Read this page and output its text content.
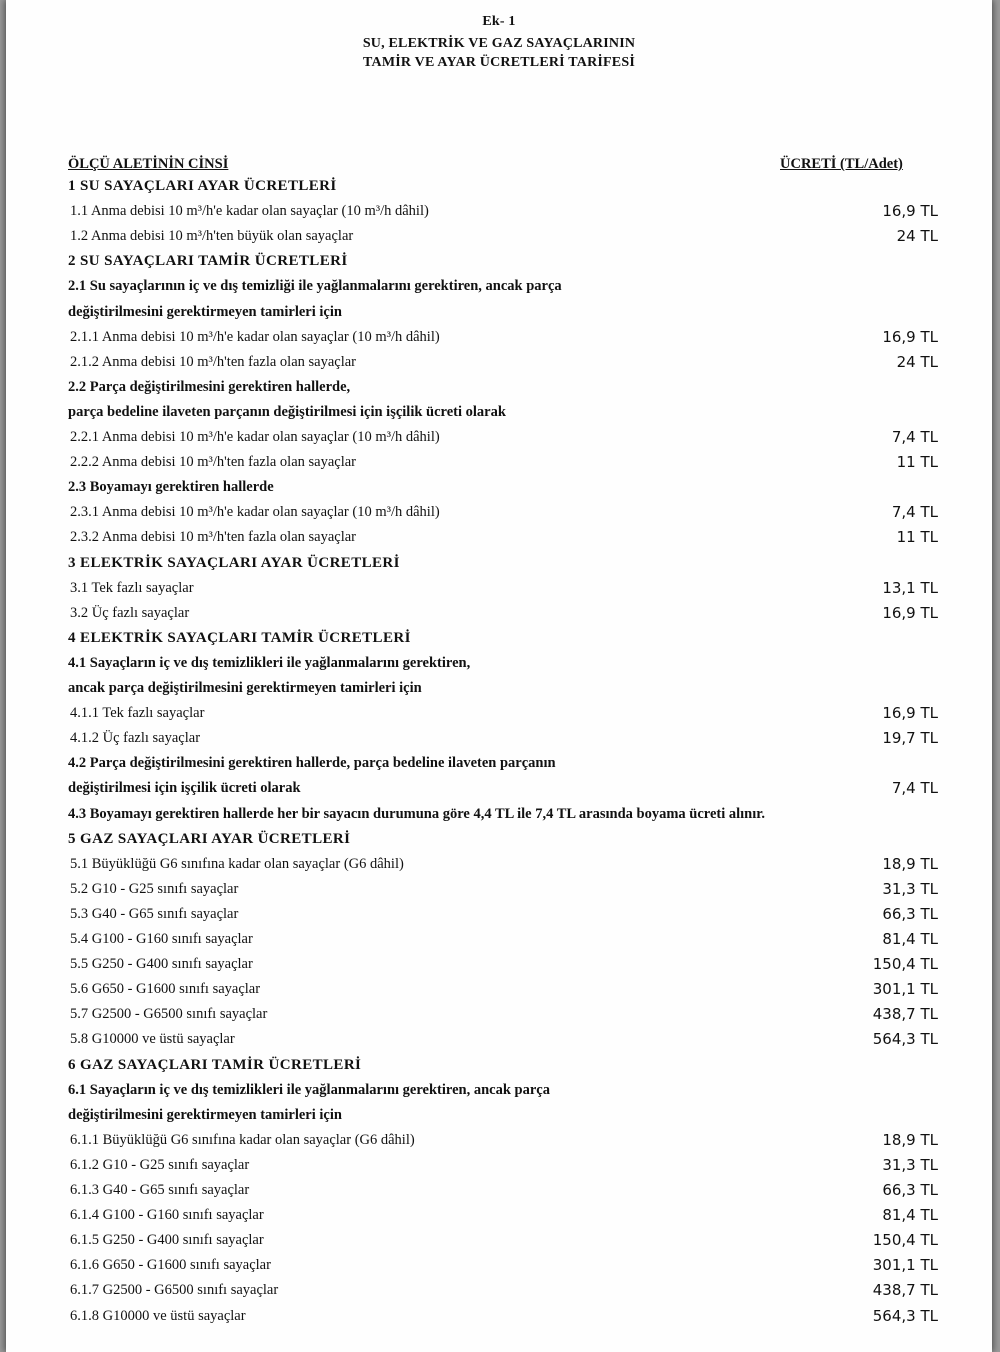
Ek- 1
SU, ELEKTRİK VE GAZ SAYAÇLARININ
TAMİR VE AYAR ÜCRETLERİ TARİFESİ
ÖLÇÜ ALETİNİN CİNSİ	ÜCRETİ (TL/Adet)
1 SU SAYAÇLARI AYAR ÜCRETLERİ
1.1 Anma debisi 10 m³/h'e kadar olan sayaçlar (10 m³/h dâhil)	16,9 TL
1.2 Anma debisi 10 m³/h'ten büyük olan sayaçlar	24 TL
2 SU SAYAÇLARI TAMİR ÜCRETLERİ
2.1 Su sayaçlarının iç ve dış temizliği ile yağlanmalarını gerektiren, ancak parça
değiştirilmesini gerektirmeyen tamirleri için
2.1.1 Anma debisi 10 m³/h'e kadar olan sayaçlar (10 m³/h dâhil)	16,9 TL
2.1.2 Anma debisi 10 m³/h'ten fazla olan sayaçlar	24 TL
2.2 Parça değiştirilmesini gerektiren hallerde,
parça bedeline ilaveten parçanın değiştirilmesi için işçilik ücreti olarak
2.2.1 Anma debisi 10 m³/h'e kadar olan sayaçlar (10 m³/h dâhil)	7,4 TL
2.2.2 Anma debisi 10 m³/h'ten fazla olan sayaçlar	11 TL
2.3 Boyamayı gerektiren hallerde
2.3.1 Anma debisi 10 m³/h'e kadar olan sayaçlar (10 m³/h dâhil)	7,4 TL
2.3.2 Anma debisi 10 m³/h'ten fazla olan sayaçlar	11 TL
3 ELEKTRİK SAYAÇLARI AYAR ÜCRETLERİ
3.1 Tek fazlı sayaçlar	13,1 TL
3.2 Üç fazlı sayaçlar	16,9 TL
4 ELEKTRİK SAYAÇLARI TAMİR ÜCRETLERİ
4.1 Sayaçların iç ve dış temizlikleri ile yağlanmalarını gerektiren,
ancak parça değiştirilmesini gerektirmeyen tamirleri için
4.1.1 Tek fazlı sayaçlar	16,9 TL
4.1.2 Üç fazlı sayaçlar	19,7 TL
4.2 Parça değiştirilmesini gerektiren hallerde, parça bedeline ilaveten parçanın
değiştirilmesi için işçilik ücreti olarak	7,4 TL
4.3 Boyamayı gerektiren hallerde her bir sayacın durumuna göre 4,4 TL ile 7,4 TL arasında boyama ücreti alınır.
5 GAZ SAYAÇLARI AYAR ÜCRETLERİ
5.1 Büyüklüğü G6 sınıfına kadar olan sayaçlar (G6 dâhil)	18,9 TL
5.2 G10 - G25 sınıfı sayaçlar	31,3 TL
5.3 G40 - G65 sınıfı sayaçlar	66,3 TL
5.4 G100 - G160 sınıfı sayaçlar	81,4 TL
5.5 G250 - G400 sınıfı sayaçlar	150,4 TL
5.6 G650 - G1600 sınıfı sayaçlar	301,1 TL
5.7 G2500 - G6500 sınıfı sayaçlar	438,7 TL
5.8 G10000 ve üstü sayaçlar	564,3 TL
6 GAZ SAYAÇLARI TAMİR ÜCRETLERİ
6.1 Sayaçların iç ve dış temizlikleri ile yağlanmalarını gerektiren, ancak parça
değiştirilmesini gerektirmeyen tamirleri için
6.1.1 Büyüklüğü G6 sınıfına kadar olan sayaçlar (G6 dâhil)	18,9 TL
6.1.2 G10 - G25 sınıfı sayaçlar	31,3 TL
6.1.3 G40 - G65 sınıfı sayaçlar	66,3 TL
6.1.4 G100 - G160 sınıfı sayaçlar	81,4 TL
6.1.5 G250 - G400 sınıfı sayaçlar	150,4 TL
6.1.6 G650 - G1600 sınıfı sayaçlar	301,1 TL
6.1.7 G2500 - G6500 sınıfı sayaçlar	438,7 TL
6.1.8 G10000 ve üstü sayaçlar	564,3 TL
